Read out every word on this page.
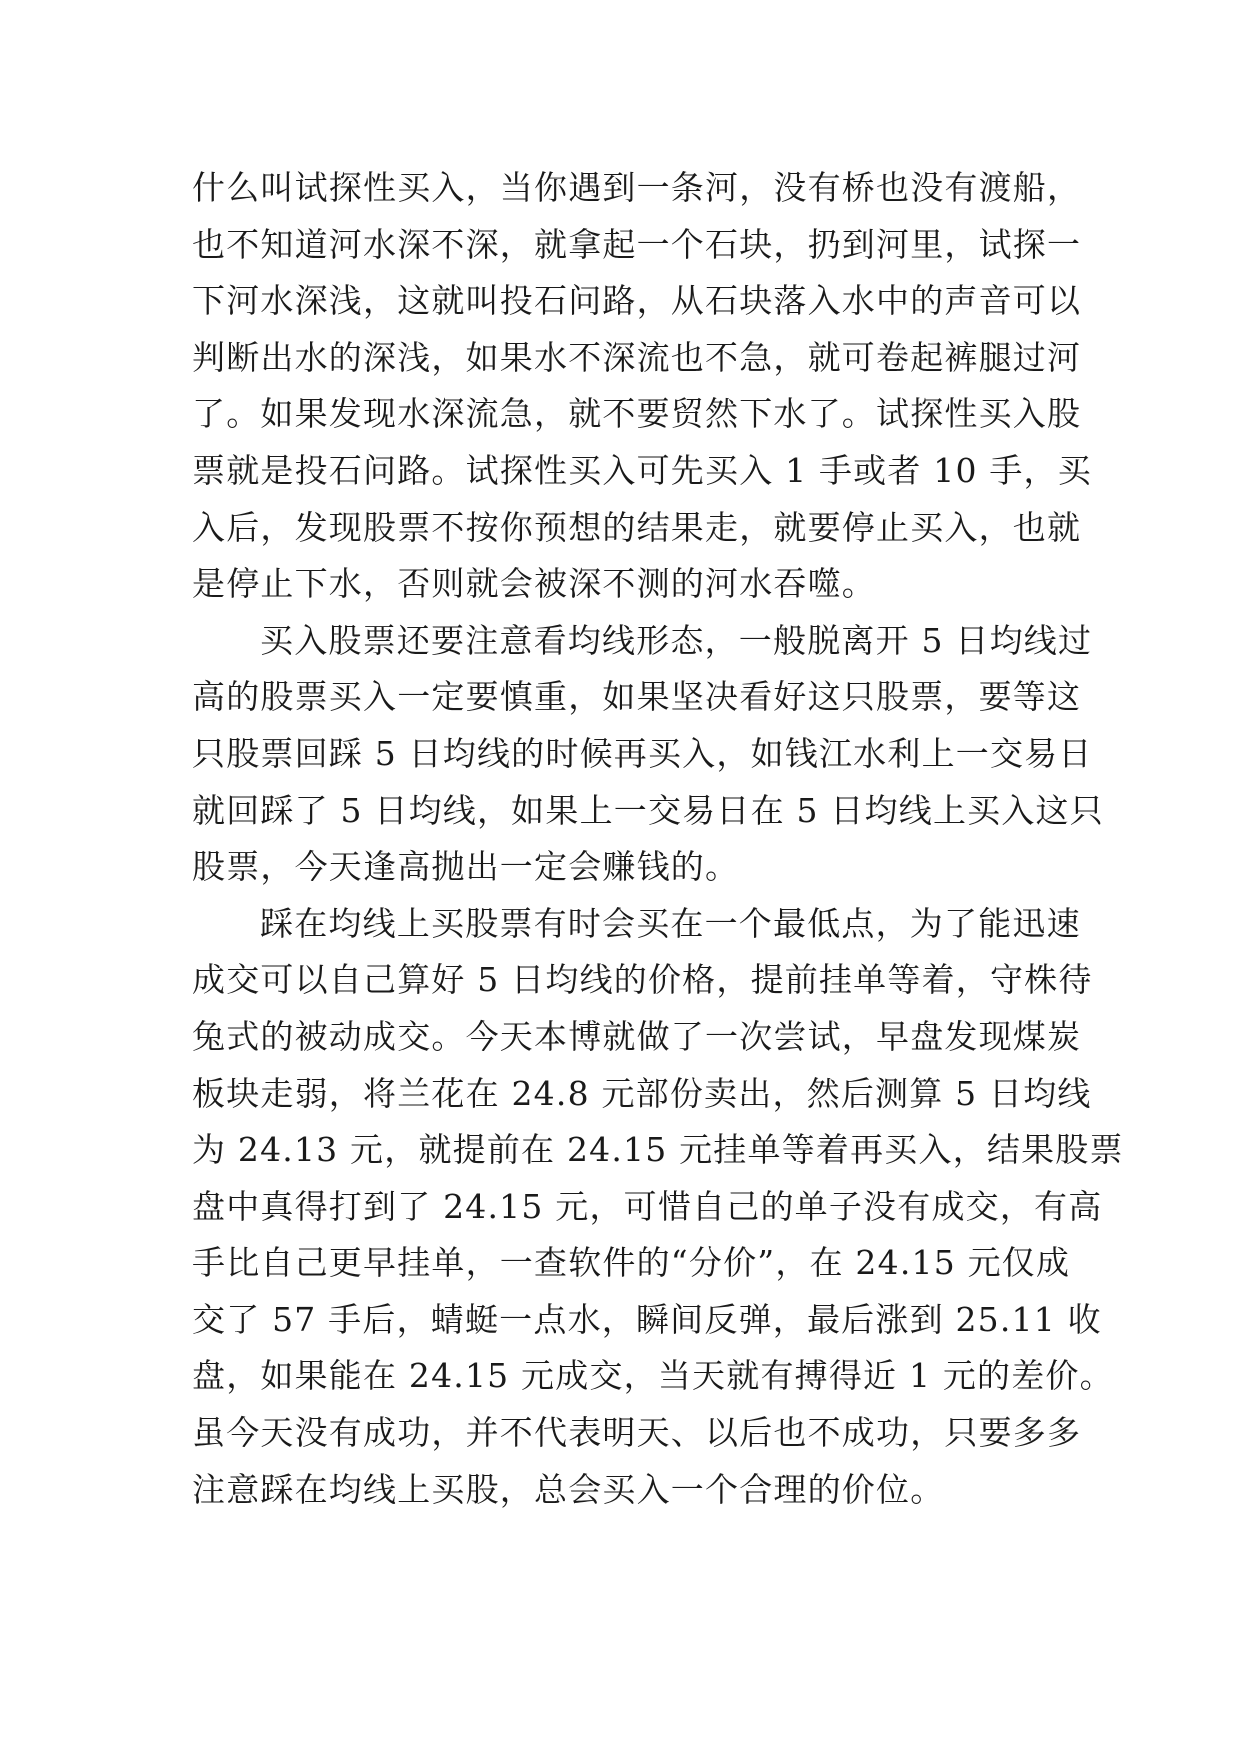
什么叫试探性买入，当你遇到一条河，没有桥也没有渡船，
也不知道河水深不深，就拿起一个石块，扔到河里，试探一
下河水深浅，这就叫投石问路，从石块落入水中的声音可以
判断出水的深浅，如果水不深流也不急，就可卷起裤腿过河
了。如果发现水深流急，就不要贸然下水了。试探性买入股
票就是投石问路。试探性买入可先买入 1 手或者 10 手，买
入后，发现股票不按你预想的结果走，就要停止买入，也就
是停止下水，否则就会被深不测的河水吞噬。
买入股票还要注意看均线形态，一般脱离开 5 日均线过
高的股票买入一定要慎重，如果坚决看好这只股票，要等这
只股票回踩 5 日均线的时候再买入，如钱江水利上一交易日
就回踩了 5 日均线，如果上一交易日在 5 日均线上买入这只
股票，今天逢高抛出一定会赚钱的。
踩在均线上买股票有时会买在一个最低点，为了能迅速
成交可以自己算好 5 日均线的价格，提前挂单等着，守株待
兔式的被动成交。今天本博就做了一次尝试，早盘发现煤炭
板块走弱，将兰花在 24.8 元部份卖出，然后测算 5 日均线
为 24.13 元，就提前在 24.15 元挂单等着再买入，结果股票
盘中真得打到了 24.15 元，可惜自己的单子没有成交，有高
手比自己更早挂单，一查软件的“分价”，在 24.15 元仅成
交了 57 手后，蜻蜓一点水，瞬间反弹，最后涨到 25.11 收
盘，如果能在 24.15 元成交，当天就有搏得近 1 元的差价。
虽今天没有成功，并不代表明天、以后也不成功，只要多多
注意踩在均线上买股，总会买入一个合理的价位。
